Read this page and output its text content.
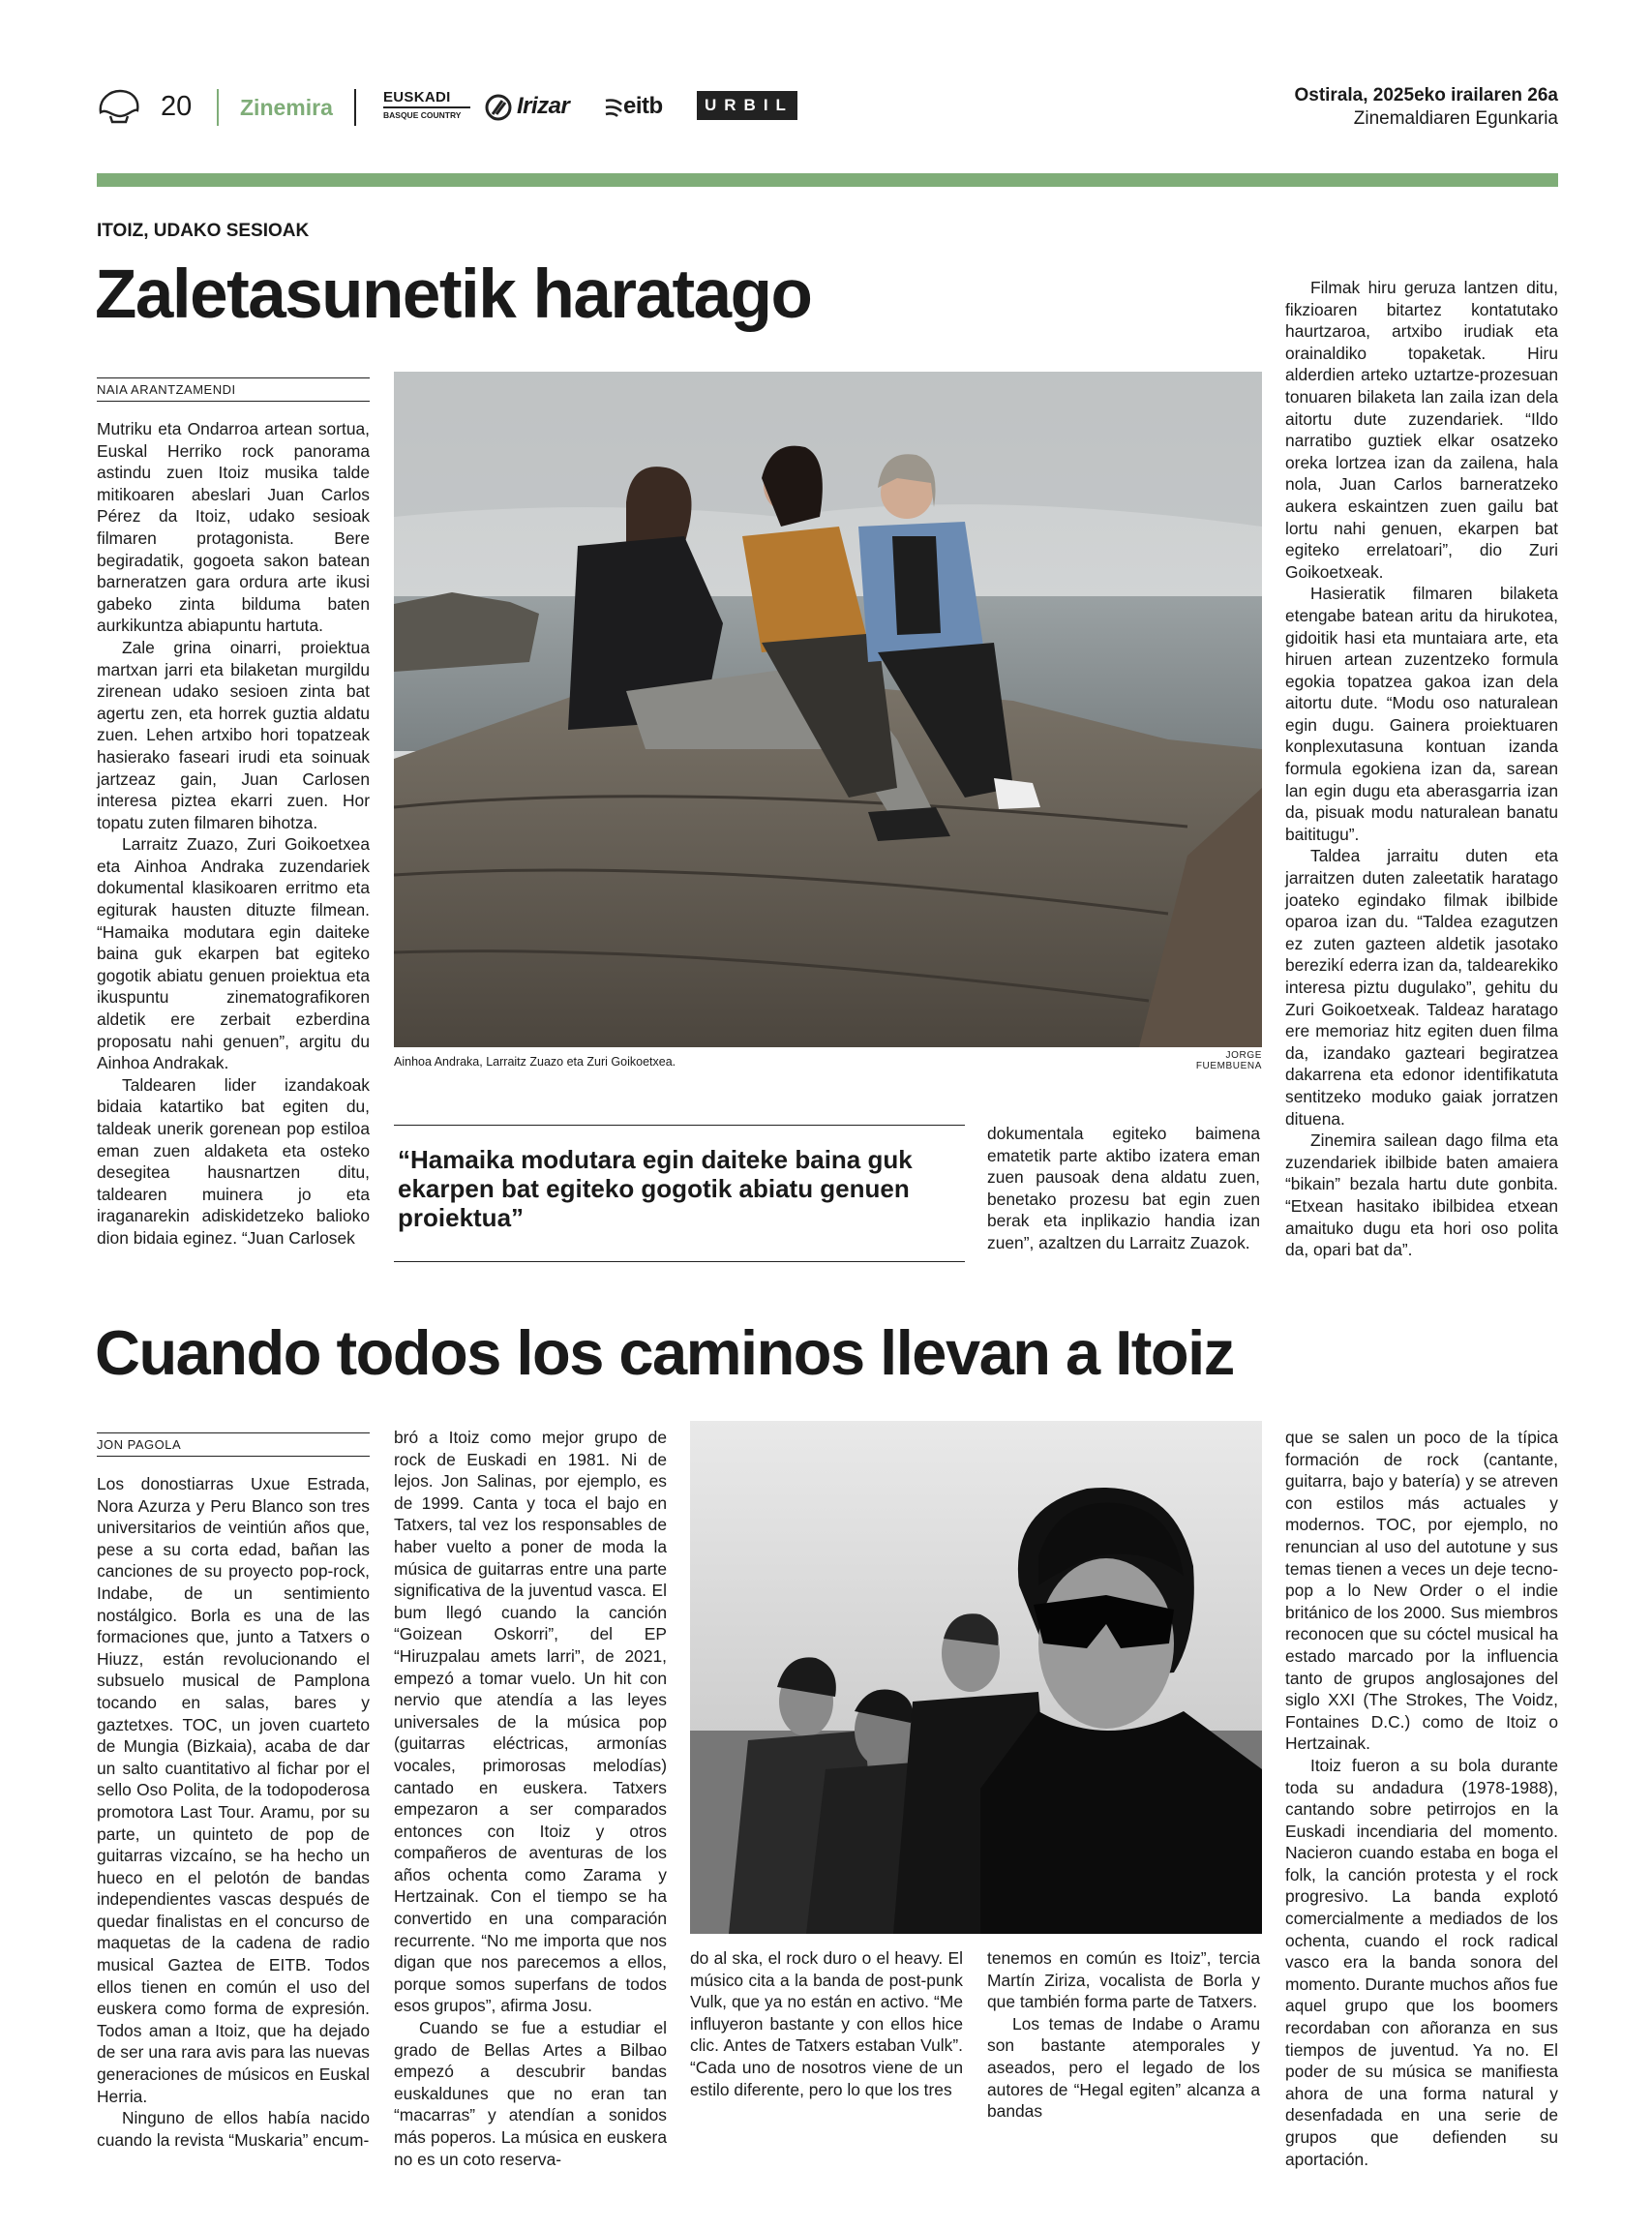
20 Zinemira	EUSKADI
BASQUE COUNTRY	Irizar eitb	URBIL	Ostirala, 2025eko irailaren 26a
Zinemaldiaren Egunkaria
ITOIZ, UDAKO SESIOAK
Zaletasunetik haratago
NAIA ARANTZAMENDI

Mutriku eta Ondarroa artean sortua, Euskal Herriko rock panorama astindu zuen Itoiz musika talde mitikoaren abeslari Juan Carlos Pérez da Itoiz, udako sesioak filmaren protagonista. Bere begiradatik, gogoeta sakon batean barneratzen gara ordura arte ikusi gabeko zinta bilduma baten aurkikuntza abiapuntu hartuta.

Zale grina oinarri, proiektua martxan jarri eta bilaketan murgildu zirenean udako sesioen zinta bat agertu zen, eta horrek guztia aldatu zuen. Lehen artxibo hori topatzeak hasierako faseari irudi eta soinuak jartzeaz gain, Juan Carlosen interesa piztea ekarri zuen. Hor topatu zuten filmaren bihotza.

Larraitz Zuazo, Zuri Goikoetxea eta Ainhoa Andraka zuzendariek dokumental klasikoaren erritmo eta egiturak hausten dituzte filmean. “Hamaika modutara egin daiteke baina guk ekarpen bat egiteko gogotik abiatu genuen proiektua eta ikuspuntu zinematografikoren aldetik ere zerbait ezberdina proposatu nahi genuen”, argitu du Ainhoa Andrakak.

Taldearen lider izandakoak bidaia katartiko bat egiten du, taldeak unerik gorenean pop estiloa eman zuen aldaketa eta osteko desegitea hausnartzen ditu, taldearen muinera jo eta iraganarekin adiskidetzeko balioko dion bidaia eginez. “Juan Carlosek

Ainhoa Andraka, Larraitz Zuazo eta Zuri Goikoetxea.	JORGE FUEMBUENA
“Hamaika modutara egin daiteke baina guk ekarpen bat egiteko gogotik abiatu genuen proiektua”

dokumentala egiteko baimena ematetik parte aktibo izatera eman zuen pausoak dena aldatu zuen, benetako prozesu bat egin zuen berak eta inplikazio handia izan zuen”, azaltzen du Larraitz Zuazok.

Filmak hiru geruza lantzen ditu, fikzioaren bitartez kontatutako haurtzaroa, artxibo irudiak eta orainaldiko topaketak. Hiru alderdien arteko uztartze-prozesuan tonuaren bilaketa lan zaila izan dela aitortu dute zuzendariek. “Ildo narratibo guztiek elkar osatzeko oreka lortzea izan da zailena, hala nola, Juan Carlos barneratzeko aukera eskaintzen zuen gailu bat lortu nahi genuen, ekarpen bat egiteko errelatoari”, dio Zuri Goikoetxeak.

Hasieratik filmaren bilaketa etengabe batean aritu da hirukotea, gidoitik hasi eta muntaiara arte, eta hiruen artean zuzentzeko formula egokia topatzea gakoa izan dela aitortu dute. “Modu oso naturalean egin dugu. Gainera proiektuaren konplexutasuna kontuan izanda formula egokiena izan da, sarean lan egin dugu eta aberasgarria izan da, pisuak modu naturalean banatu baititugu”.

Taldea jarraitu duten eta jarraitzen duten zaleetatik haratago joateko egindako filmak ibilbide oparoa izan du. “Taldea ezagutzen ez zuten gazteen aldetik jasotako berezikí ederra izan da, taldearekiko interesa piztu dugulako”, gehitu du Zuri Goikoetxeak. Taldeaz haratago ere memoriaz hitz egiten duen filma da, izandako gazteari begiratzea dakarrena eta edonor identifikatuta sentitzeko moduko gaiak jorratzen dituena.

Zinemira sailean dago filma eta zuzendariek ibilbide baten amaiera “bikain” bezala hartu dute gonbita. “Etxean hasitako ibilbidea etxean amaituko dugu eta hori oso polita da, opari bat da”.

Cuando todos los caminos llevan a Itoiz
JON PAGOLA

Los donostiarras Uxue Estrada, Nora Azurza y Peru Blanco son tres universitarios de veintiún años que, pese a su corta edad, bañan las canciones de su proyecto pop-rock, Indabe, de un sentimiento nostálgico. Borla es una de las formaciones que, junto a Tatxers o Hiuzz, están revolucionando el subsuelo musical de Pamplona tocando en salas, bares y gaztetxes. TOC, un joven cuarteto de Mungia (Bizkaia), acaba de dar un salto cuantitativo al fichar por el sello Oso Polita, de la todopoderosa promotora Last Tour. Aramu, por su parte, un quinteto de pop de guitarras vizcaíno, se ha hecho un hueco en el pelotón de bandas independientes vascas después de quedar finalistas en el concurso de maquetas de la cadena de radio musical Gaztea de EITB. Todos ellos tienen en común el uso del euskera como forma de expresión. Todos aman a Itoiz, que ha dejado de ser una rara avis para las nuevas generaciones de músicos en Euskal Herria.

Ninguno de ellos había nacido cuando la revista “Muskaria” encum-

bró a Itoiz como mejor grupo de rock de Euskadi en 1981. Ni de lejos. Jon Salinas, por ejemplo, es de 1999. Canta y toca el bajo en Tatxers, tal vez los responsables de haber vuelto a poner de moda la música de guitarras entre una parte significativa de la juventud vasca. El bum llegó cuando la canción “Goizean Oskorri”, del EP “Hiruzpalau amets larri”, de 2021, empezó a tomar vuelo. Un hit con nervio que atendía a las leyes universales de la música pop (guitarras eléctricas, armonías vocales, primorosas melodías) cantado en euskera. Tatxers empezaron a ser comparados entonces con Itoiz y otros compañeros de aventuras de los años ochenta como Zarama y Hertzainak. Con el tiempo se ha convertido en una comparación recurrente. “No me importa que nos digan que nos parecemos a ellos, porque somos superfans de todos esos grupos”, afirma Josu.

Cuando se fue a estudiar el grado de Bellas Artes a Bilbao empezó a descubrir bandas euskaldunes que no eran tan “macarras” y atendían a sonidos más poperos. La música en euskera no es un coto reserva-

do al ska, el rock duro o el heavy. El músico cita a la banda de post-punk Vulk, que ya no están en activo. “Me influyeron bastante y con ellos hice clic. Antes de Tatxers estaban Vulk”. “Cada uno de nosotros viene de un estilo diferente, pero lo que los tres

tenemos en común es Itoiz”, tercia Martín Ziriza, vocalista de Borla y que también forma parte de Tatxers.

Los temas de Indabe o Aramu son bastante atemporales y aseados, pero el legado de los autores de “Hegal egiten” alcanza a bandas

que se salen un poco de la típica formación de rock (cantante, guitarra, bajo y batería) y se atreven con estilos más actuales y modernos. TOC, por ejemplo, no renuncian al uso del autotune y sus temas tienen a veces un deje tecno-pop a lo New Order o el indie británico de los 2000. Sus miembros reconocen que su cóctel musical ha estado marcado por la influencia tanto de grupos anglosajones del siglo XXI (The Strokes, The Voidz, Fontaines D.C.) como de Itoiz o Hertzainak.

Itoiz fueron a su bola durante toda su andadura (1978-1988), cantando sobre petirrojos en la Euskadi incendiaria del momento. Nacieron cuando estaba en boga el folk, la canción protesta y el rock progresivo. La banda explotó comercialmente a mediados de los ochenta, cuando el rock radical vasco era la banda sonora del momento. Durante muchos años fue aquel grupo que los boomers recordaban con añoranza en sus tiempos de juventud. Ya no. El poder de su música se manifiesta ahora de una forma natural y desenfadada en una serie de grupos que defienden su aportación.
